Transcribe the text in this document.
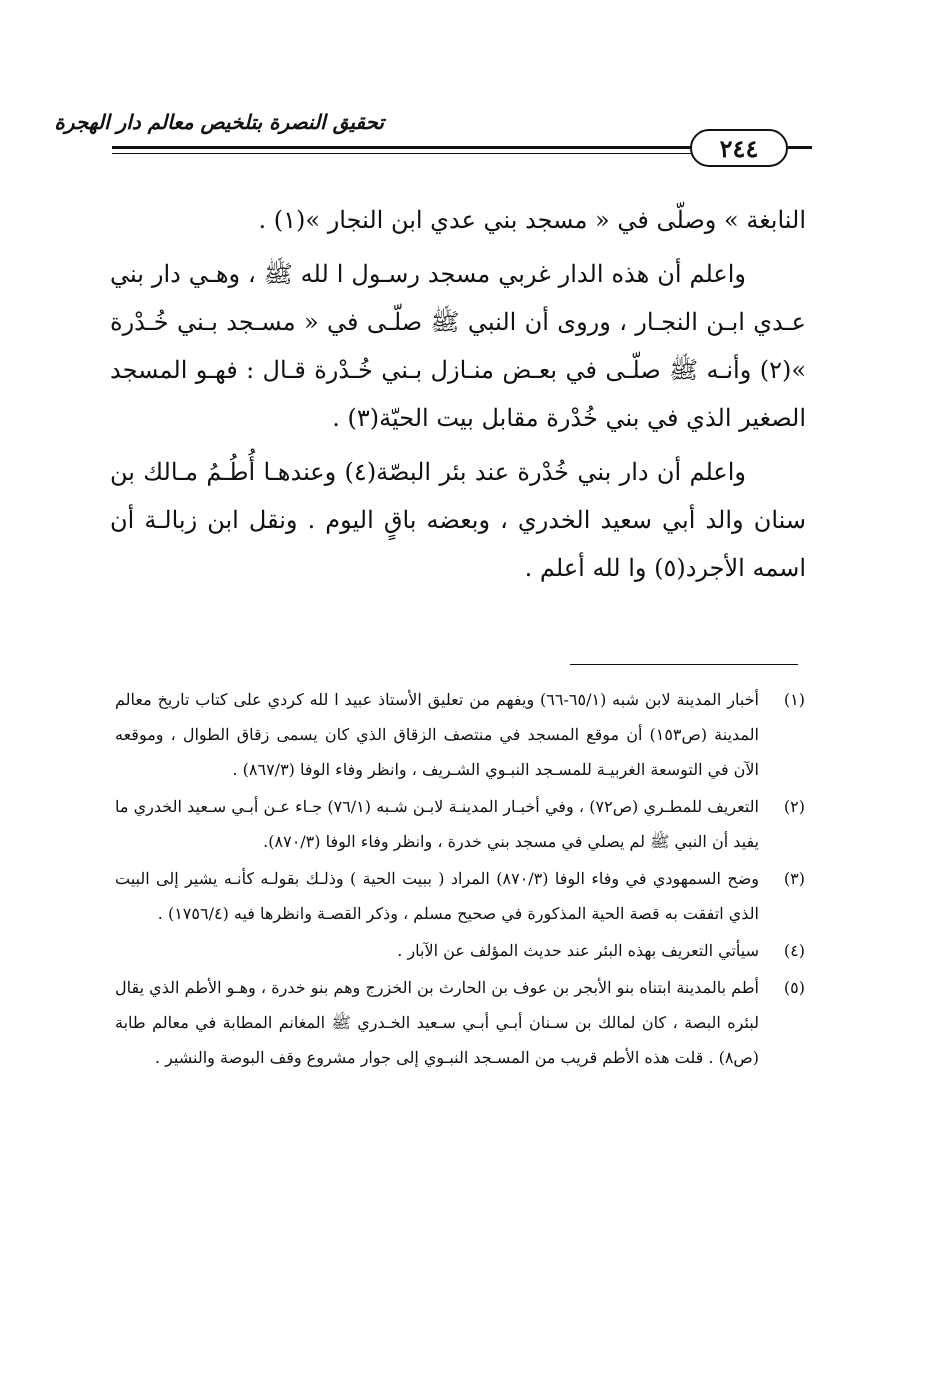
تحقيق النصرة بتلخيص معالم دار الهجرة
٢٤٤

النابغة » وصلّى في « مسجد بني عدي ابن النجار »(١) .

واعلم أن هذه الدار غربي مسجد رسـول ا لله ﷺ ، وهـي دار بني عـدي ابـن النجـار ، وروى أن النبي ﷺ صلّـى في « مسـجد بـني خُـدْرة »(٢) وأنـه ﷺ صلّـى في بعـض منـازل بـني خُـدْرة قـال : فهـو المسجد الصغير الذي في بني خُدْرة مقابل بيت الحيّة(٣) .

واعلم أن دار بني خُدْرة عند بئر البصّة(٤) وعندهـا أُطُـمُ مـالك بن سنان والد أبي سعيد الخدري ، وبعضه باقٍ اليوم . ونقل ابن زبالـة أن اسمه الأجرد(٥) وا لله أعلم .

(١)
أخبار المدينة لابن شبه (٦٥/١-٦٦) ويفهم من تعليق الأستاذ عبيد ا لله كردي على كتاب تاريخ معالم المدينة (ص١٥٣) أن موقع المسجد في منتصف الزقاق الذي كان يسمى زقاق الطوال ، وموقعه الآن في التوسعة الغربيـة للمسـجد النبـوي الشـريف ، وانظر وفاء الوفا (٨٦٧/٣) .
(٢)
التعريف للمطـري (ص٧٢) ، وفي أخبـار المدينـة لابـن شـبه (٧٦/١) جـاء عـن أبـي سـعيد الخدري ما يفيد أن النبي ﷺ لم يصلي في مسجد بني خدرة ، وانظر وفاء الوفا (٨٧٠/٣).
(٣)
وضح السمهودي في وفاء الوفا (٨٧٠/٣) المراد ( ببيت الحية ) وذلـك بقولـه كأنـه يشير إلى البيت الذي اتفقت به قصة الحية المذكورة في صحيح مسلم ، وذكر القصـة وانظرها فيه (١٧٥٦/٤) .
(٤)
سيأتي التعريف بهذه البئر عند حديث المؤلف عن الآبار .
(٥)
أطم بالمدينة ابتناه بنو الأبجر بن عوف بن الحارث بن الخزرج وهم بنو خدرة ، وهـو الأطم الذي يقال لبئره البصة ، كان لمالك بن سـنان أبـي أبـي سـعيد الخـدري ﷺ المغانم المطابة في معالم طابة (ص٨) . قلت هذه الأطم قريب من المسـجد النبـوي إلى جوار مشروع وقف البوصة والنشير .
